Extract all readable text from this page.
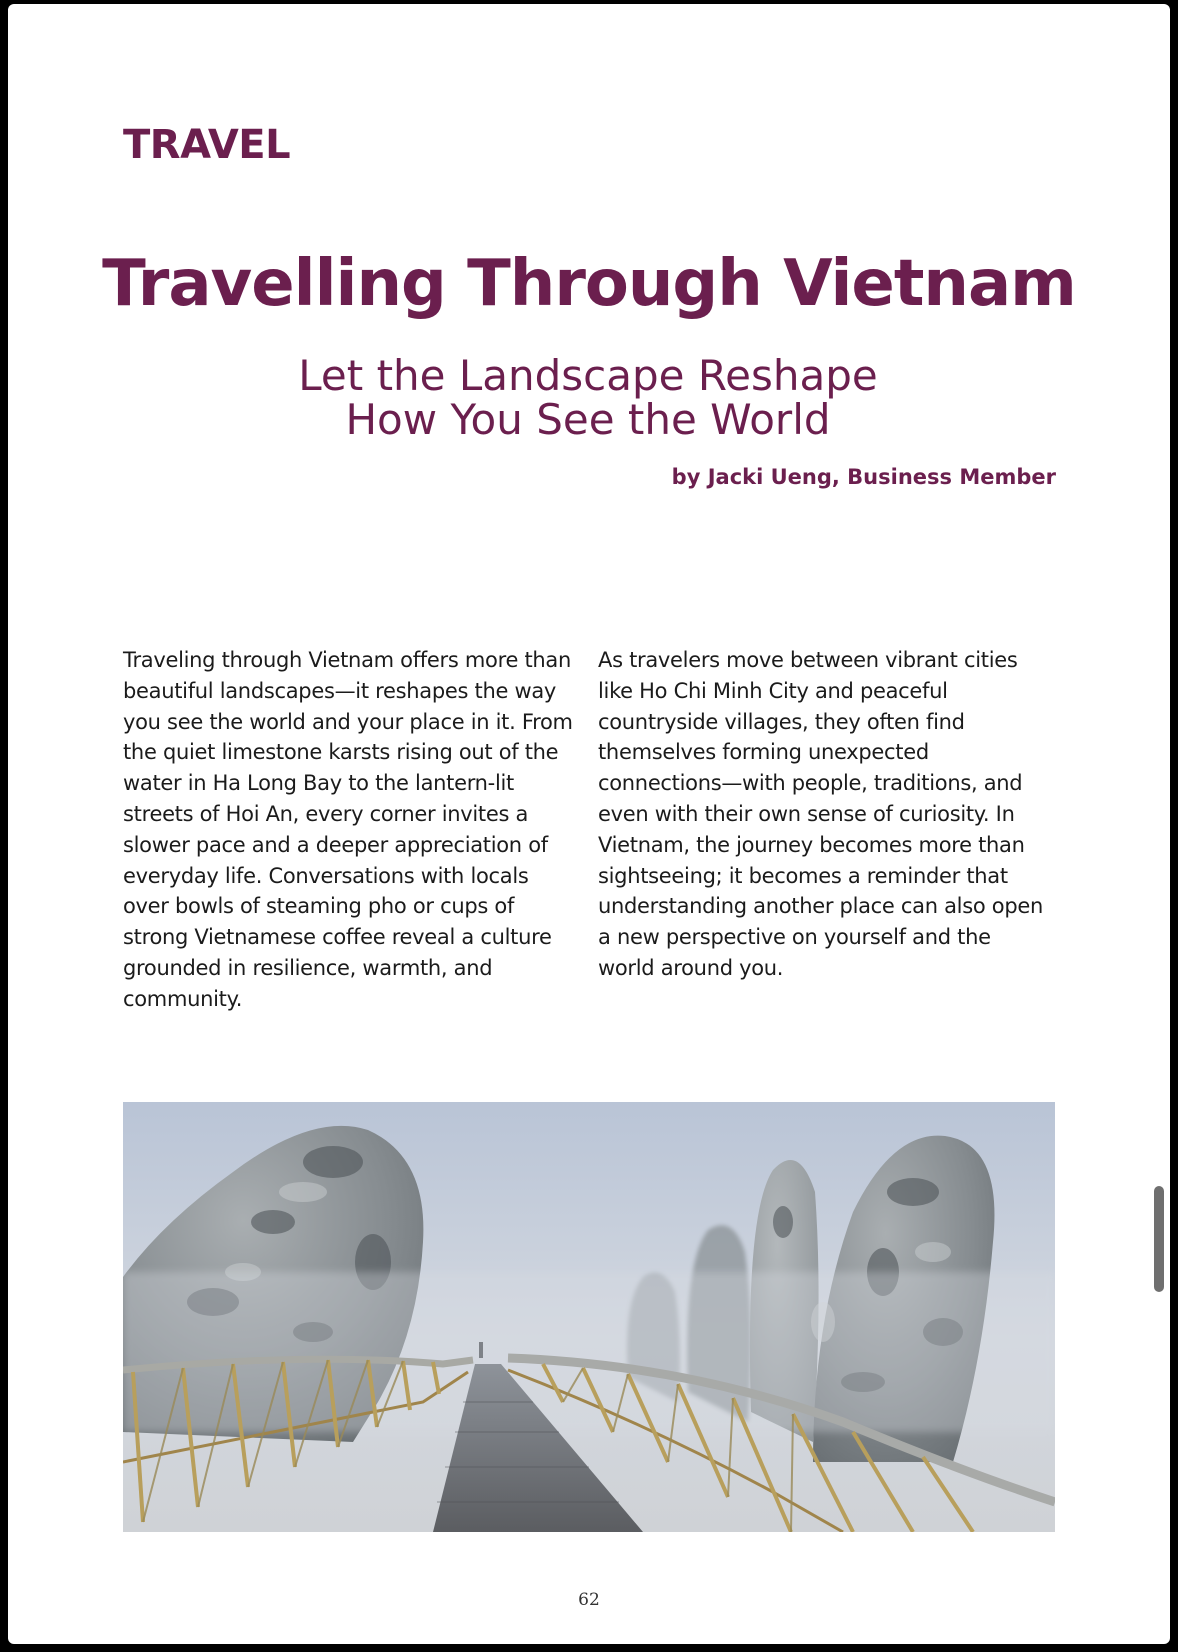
TRAVEL
Travelling Through Vietnam
Let the Landscape Reshape
How You See the World

by Jacki Ueng, Business Member

Traveling through Vietnam offers more than beautiful landscapes—it reshapes the way you see the world and your place in it. From the quiet limestone karsts rising out of the water in Ha Long Bay to the lantern-lit streets of Hoi An, every corner invites a slower pace and a deeper appreciation of everyday life. Conversations with locals over bowls of steaming pho or cups of strong Vietnamese coffee reveal a culture grounded in resilience, warmth, and community.

As travelers move between vibrant cities like Ho Chi Minh City and peaceful countryside villages, they often find themselves forming unexpected connections—with people, traditions, and even with their own sense of curiosity. In Vietnam, the journey becomes more than sightseeing; it becomes a reminder that understanding another place can also open a new perspective on yourself and the world around you.

62
